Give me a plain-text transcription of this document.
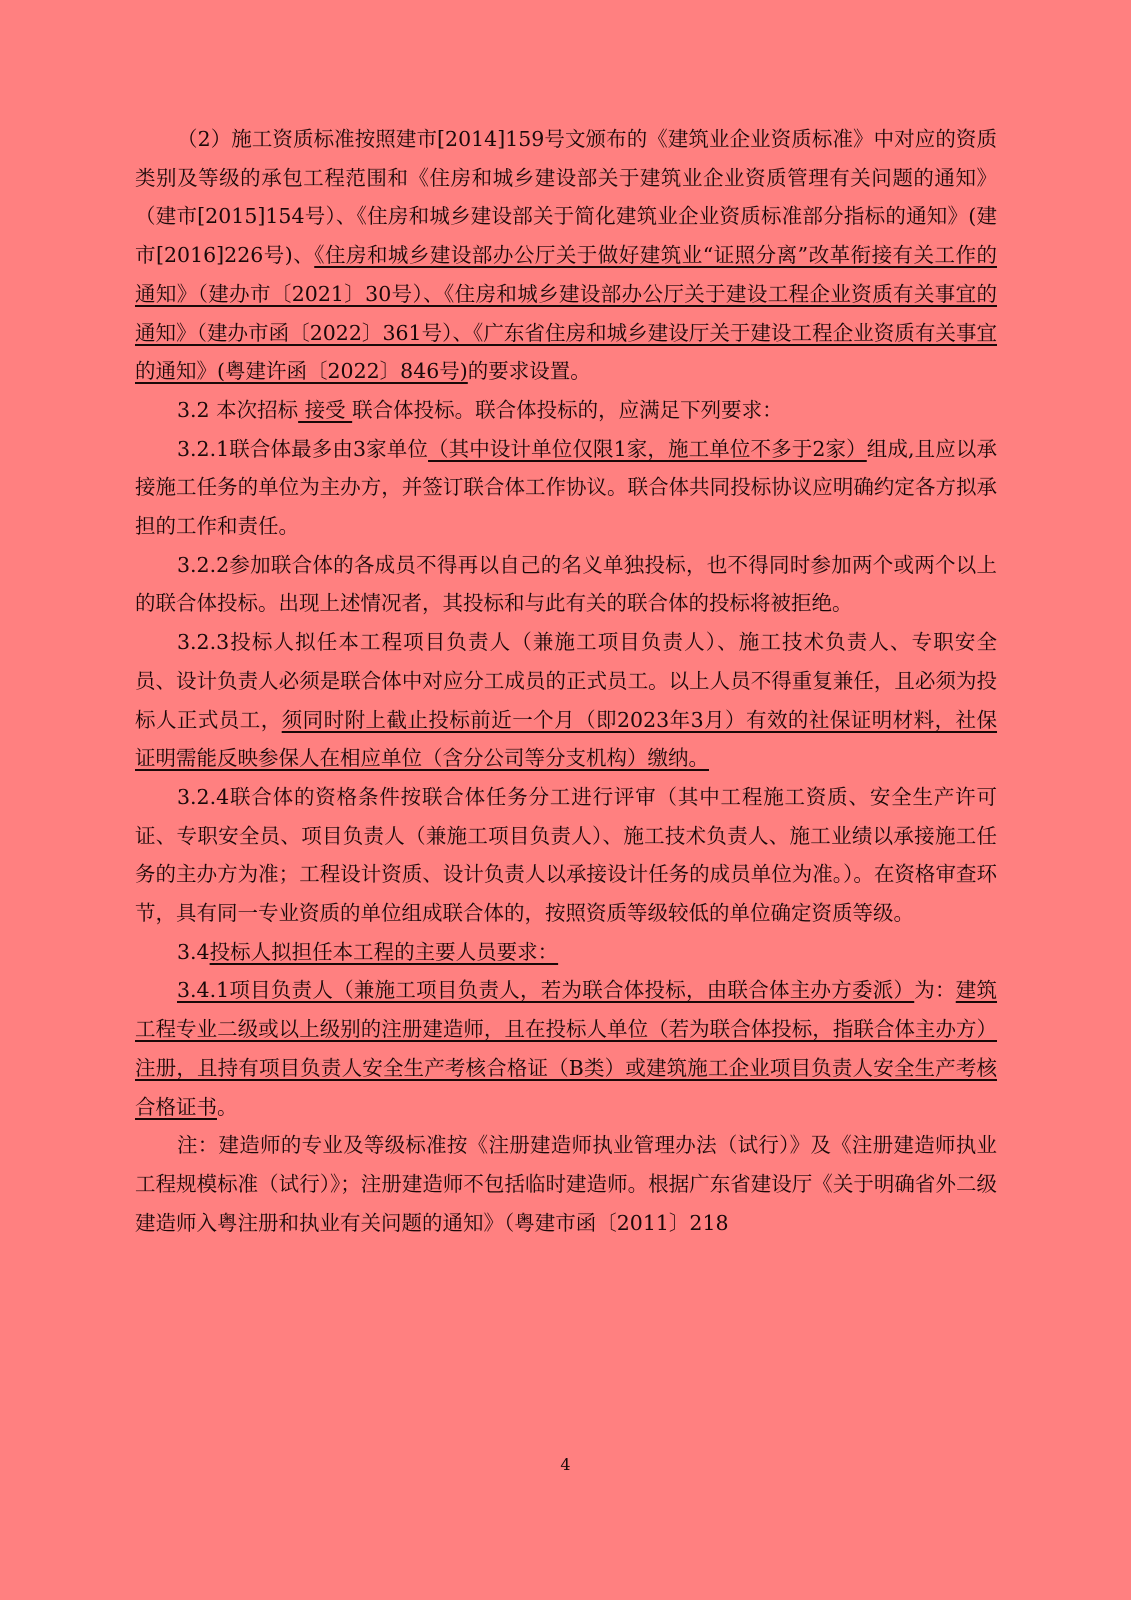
（2）施工资质标准按照建市[2014]159号文颁布的《建筑业企业资质标准》中对应的资质类别及等级的承包工程范围和《住房和城乡建设部关于建筑业企业资质管理有关问题的通知》（建市[2015]154号）、《住房和城乡建设部关于简化建筑业企业资质标准部分指标的通知》(建市[2016]226号)、《住房和城乡建设部办公厅关于做好建筑业“证照分离”改革衔接有关工作的通知》（建办市〔2021〕30号）、《住房和城乡建设部办公厅关于建设工程企业资质有关事宜的通知》（建办市函〔2022〕361号）、《广东省住房和城乡建设厅关于建设工程企业资质有关事宜的通知》(粤建许函〔2022〕846号)的要求设置。

3.2 本次招标 接受 联合体投标。联合体投标的，应满足下列要求：

3.2.1联合体最多由3家单位（其中设计单位仅限1家，施工单位不多于2家）组成,且应以承接施工任务的单位为主办方，并签订联合体工作协议。联合体共同投标协议应明确约定各方拟承担的工作和责任。

3.2.2参加联合体的各成员不得再以自己的名义单独投标，也不得同时参加两个或两个以上的联合体投标。出现上述情况者，其投标和与此有关的联合体的投标将被拒绝。

3.2.3投标人拟任本工程项目负责人（兼施工项目负责人）、施工技术负责人、专职安全员、设计负责人必须是联合体中对应分工成员的正式员工。以上人员不得重复兼任，且必须为投标人正式员工，须同时附上截止投标前近一个月（即2023年3月）有效的社保证明材料，社保证明需能反映参保人在相应单位（含分公司等分支机构）缴纳。

3.2.4联合体的资格条件按联合体任务分工进行评审（其中工程施工资质、安全生产许可证、专职安全员、项目负责人（兼施工项目负责人）、施工技术负责人、施工业绩以承接施工任务的主办方为准；工程设计资质、设计负责人以承接设计任务的成员单位为准。）。在资格审查环节，具有同一专业资质的单位组成联合体的，按照资质等级较低的单位确定资质等级。

3.4投标人拟担任本工程的主要人员要求：

3.4.1项目负责人（兼施工项目负责人，若为联合体投标，由联合体主办方委派）为：建筑工程专业二级或以上级别的注册建造师，且在投标人单位（若为联合体投标，指联合体主办方）注册，且持有项目负责人安全生产考核合格证（B类）或建筑施工企业项目负责人安全生产考核合格证书。

注：建造师的专业及等级标准按《注册建造师执业管理办法（试行）》及《注册建造师执业工程规模标准（试行）》；注册建造师不包括临时建造师。根据广东省建设厅《关于明确省外二级建造师入粤注册和执业有关问题的通知》（粤建市函〔2011〕218

4
